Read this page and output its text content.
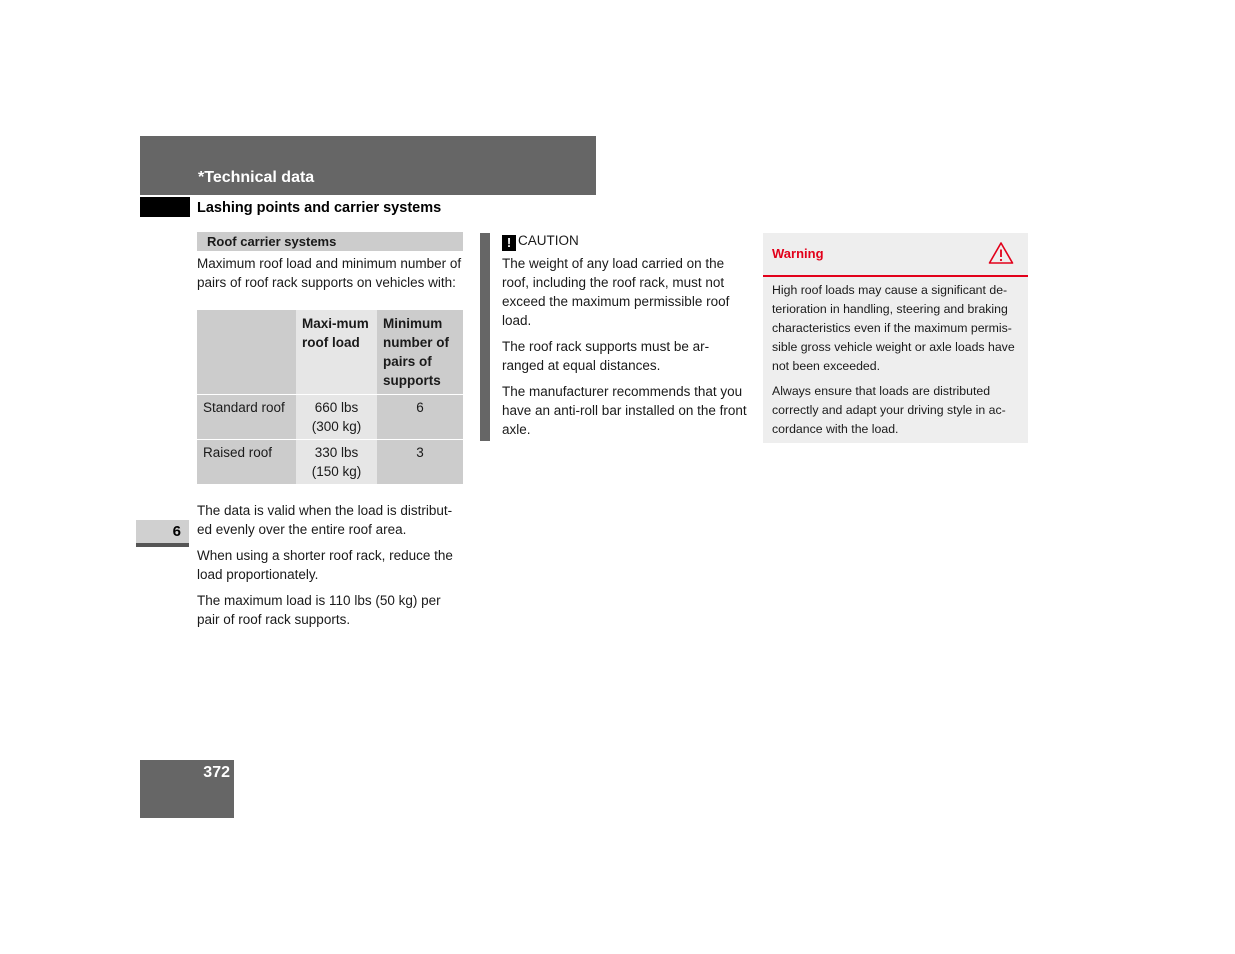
*Technical data
Lashing points and carrier systems
Roof carrier systems

Maximum roof load and minimum number of pairs of roof rack supports on vehicles with:

	Maxi-mum roof load	Minimum number of pairs of supports
Standard roof	660 lbs (300 kg)	6
Raised roof	330 lbs (150 kg)	3

The data is valid when the load is distribut-ed evenly over the entire roof area.

When using a shorter roof rack, reduce the load proportionately.

The maximum load is 110 lbs (50 kg) per pair of roof rack supports.

6
! CAUTION

The weight of any load carried on the roof, including the roof rack, must not exceed the maximum permissible roof load.

The roof rack supports must be ar-ranged at equal distances.

The manufacturer recommends that you have an anti-roll bar installed on the front axle.

Warning

High roof loads may cause a significant de-terioration in handling, steering and braking characteristics even if the maximum permis-sible gross vehicle weight or axle loads have not been exceeded.

Always ensure that loads are distributed correctly and adapt your driving style in ac-cordance with the load.

372
